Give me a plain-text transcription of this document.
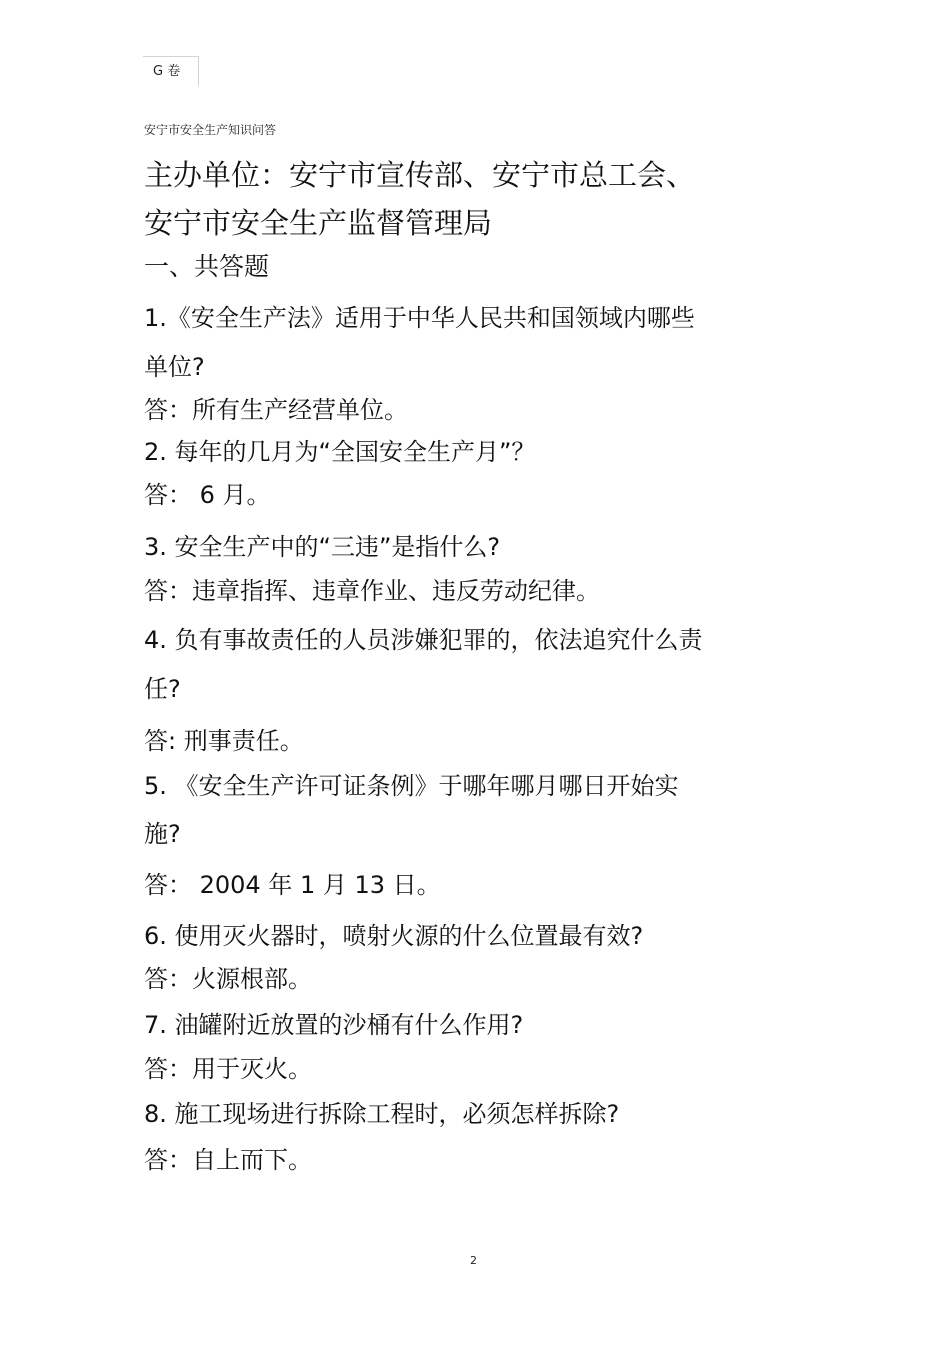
G 卷
安宁市安全生产知识问答
主办单位：安宁市宣传部、安宁市总工会、
安宁市安全生产监督管理局
一、共答题
1.《安全生产法》适用于中华人民共和国领域内哪些
单位?
答：所有生产经营单位。
2. 每年的几月为“全国安全生产月”？
答： 6 月。
3. 安全生产中的“三违”是指什么?
答：违章指挥、违章作业、违反劳动纪律。
4. 负有事故责任的人员涉嫌犯罪的，依法追究什么责
任?
答: 刑事责任。
5. 《安全生产许可证条例》于哪年哪月哪日开始实
施?
答： 2004 年 1 月 13 日。
6. 使用灭火器时，喷射火源的什么位置最有效?
答：火源根部。
7. 油罐附近放置的沙桶有什么作用?
答：用于灭火。
8. 施工现场进行拆除工程时，必须怎样拆除?
答：自上而下。
2
